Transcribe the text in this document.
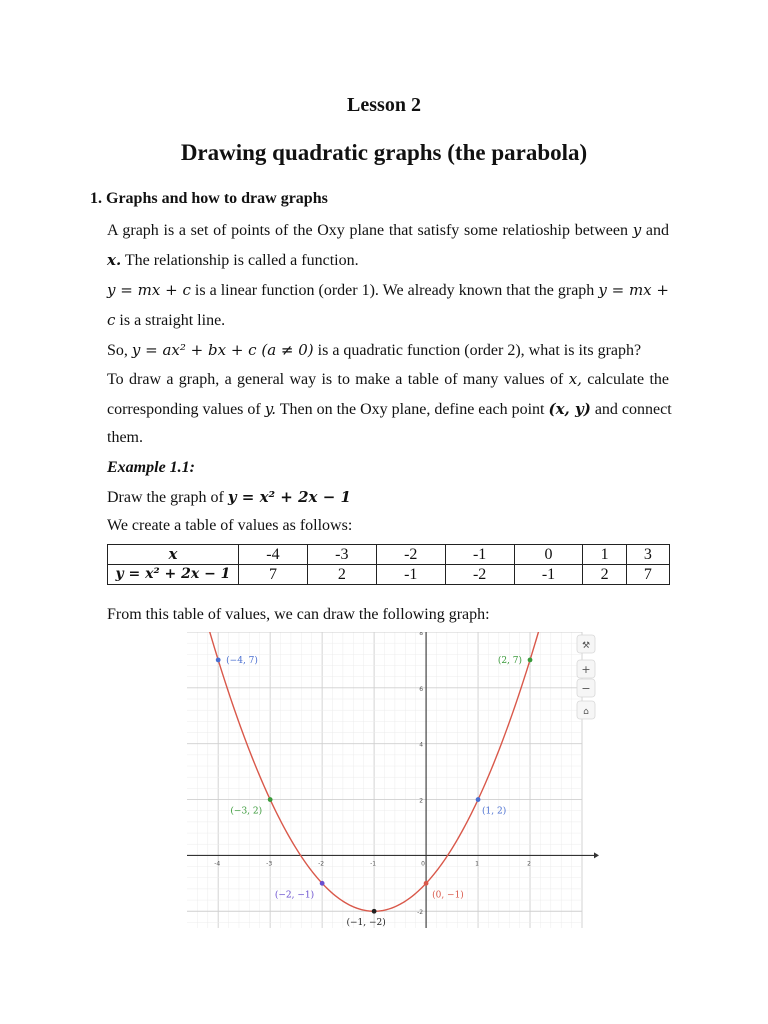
Lesson 2
Drawing quadratic graphs (the parabola)
1. Graphs and how to draw graphs
A graph is a set of points of the Oxy plane that satisfy some relatioship between y and
x. The relationship is called a function.
y = mx + c is a linear function (order 1). We already known that the graph y = mx +
c is a straight line.
So, y = ax² + bx + c (a ≠ 0) is a quadratic function (order 2), what is its graph?
To draw a graph, a general way is to make a table of many values of x, calculate the
corresponding values of y. Then on the Oxy plane, define each point (x, y) and connect
them.
Example 1.1:
Draw the graph of y = x² + 2x − 1
We create a table of values as follows:
x	-4	-3	-2	-1	0	1	3
y = x² + 2x − 1	7	2	-1	-2	-1	2	7
From this table of values, we can draw the following graph:
-4	-3	-2	-1	0	1	2
-2
2
4
6
8
(−4, 7)	(2, 7)
(−3, 2)	(1, 2)
(−2, −1)	(0, −1)
(−1, −2)
⚒
+
−
⌂
